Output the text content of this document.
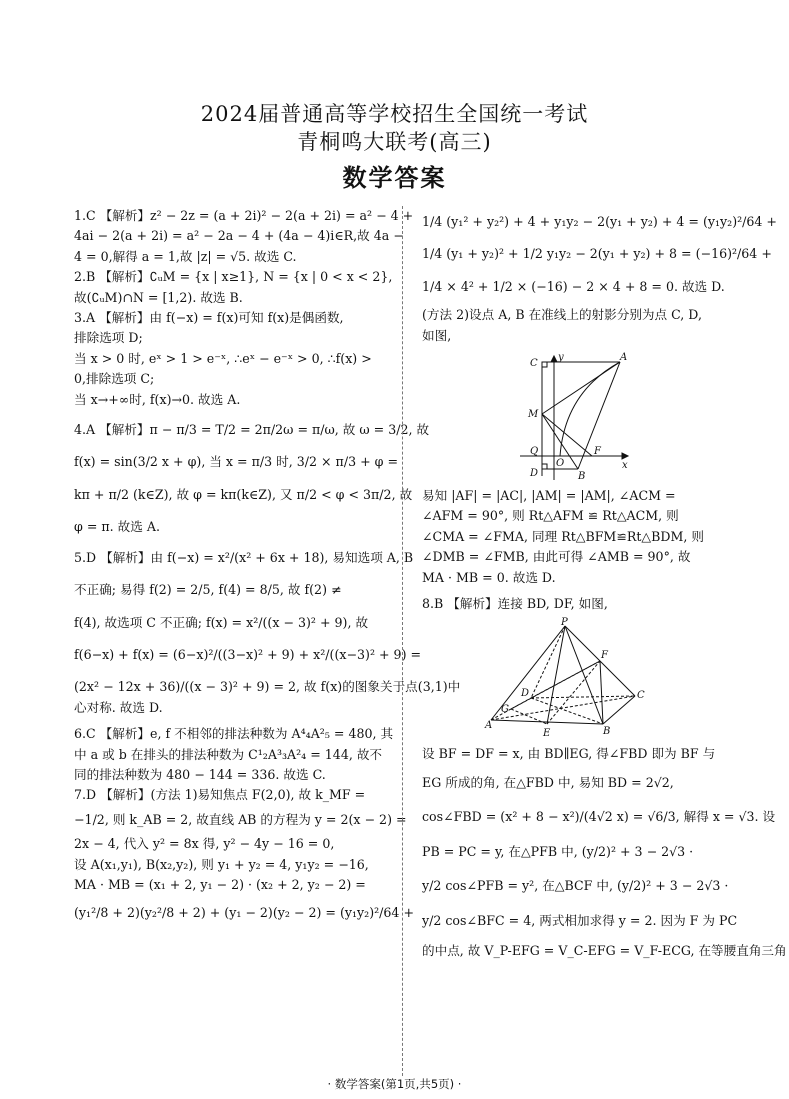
2024届普通高等学校招生全国统一考试
青桐鸣大联考(高三)
数学答案
1.C 【解析】z² − 2z = (a + 2i)² − 2(a + 2i) = a² − 4 +
4ai − 2(a + 2i) = a² − 2a − 4 + (4a − 4)i∈R,故 4a −
4 = 0,解得 a = 1,故 |z| = √5. 故选 C.
2.B 【解析】∁ᵤM = {x | x≥1}, N = {x | 0 < x < 2},
故(∁ᵤM)∩N = [1,2). 故选 B.
3.A 【解析】由 f(−x) = f(x)可知 f(x)是偶函数,
排除选项 D;
当 x > 0 时, eˣ > 1 > e⁻ˣ, ∴eˣ − e⁻ˣ > 0, ∴f(x) >
0,排除选项 C;
当 x→+∞时, f(x)→0. 故选 A.
4.A 【解析】π − π/3 = T/2 = 2π/2ω = π/ω, 故 ω = 3/2, 故
f(x) = sin(3/2 x + φ), 当 x = π/3 时, 3/2 × π/3 + φ =
kπ + π/2 (k∈Z), 故 φ = kπ(k∈Z), 又 π/2 < φ < 3π/2, 故
φ = π. 故选 A.
5.D 【解析】由 f(−x) = x²/(x² + 6x + 18), 易知选项 A, B
不正确; 易得 f(2) = 2/5, f(4) = 8/5, 故 f(2) ≠
f(4), 故选项 C 不正确; f(x) = x²/((x − 3)² + 9), 故
f(6−x) + f(x) = (6−x)²/((3−x)² + 9) + x²/((x−3)² + 9) =
(2x² − 12x + 36)/((x − 3)² + 9) = 2, 故 f(x)的图象关于点(3,1)中
心对称. 故选 D.
6.C 【解析】e, f 不相邻的排法种数为 A⁴₄A²₅ = 480, 其
中 a 或 b 在排头的排法种数为 C¹₂A³₃A²₄ = 144, 故不
同的排法种数为 480 − 144 = 336. 故选 C.
7.D 【解析】(方法 1)易知焦点 F(2,0), 故 k_MF =
−1/2, 则 k_AB = 2, 故直线 AB 的方程为 y = 2(x − 2) =
2x − 4, 代入 y² = 8x 得, y² − 4y − 16 = 0,
设 A(x₁,y₁), B(x₂,y₂), 则 y₁ + y₂ = 4, y₁y₂ = −16,
MA · MB = (x₁ + 2, y₁ − 2) · (x₂ + 2, y₂ − 2) =
(y₁²/8 + 2)(y₂²/8 + 2) + (y₁ − 2)(y₂ − 2) = (y₁y₂)²/64 +
1/4 (y₁² + y₂²) + 4 + y₁y₂ − 2(y₁ + y₂) + 4 = (y₁y₂)²/64 +
1/4 (y₁ + y₂)² + 1/2 y₁y₂ − 2(y₁ + y₂) + 8 = (−16)²/64 +
1/4 × 4² + 1/2 × (−16) − 2 × 4 + 8 = 0. 故选 D.
(方法 2)设点 A, B 在准线上的射影分别为点 C, D,
如图,
C
y	A
M
Q
O
F
x
D	B
易知 |AF| = |AC|, |AM| = |AM|, ∠ACM =
∠AFM = 90°, 则 Rt△AFM ≌ Rt△ACM, 则
∠CMA = ∠FMA, 同理 Rt△BFM≌Rt△BDM, 则
∠DMB = ∠FMB, 由此可得 ∠AMB = 90°, 故
MA · MB = 0. 故选 D.
8.B 【解析】连接 BD, DF, 如图,
P
F
D	C
G
A
E	B
设 BF = DF = x, 由 BD∥EG, 得∠FBD 即为 BF 与
EG 所成的角, 在△FBD 中, 易知 BD = 2√2,
cos∠FBD = (x² + 8 − x²)/(4√2 x) = √6/3, 解得 x = √3. 设
PB = PC = y, 在△PFB 中, (y/2)² + 3 − 2√3 ·
y/2 cos∠PFB = y², 在△BCF 中, (y/2)² + 3 − 2√3 ·
y/2 cos∠BFC = 4, 两式相加求得 y = 2. 因为 F 为 PC
的中点, 故 V_P-EFG = V_C-EFG = V_F-ECG, 在等腰直角三角
· 数学答案(第1页,共5页) ·
